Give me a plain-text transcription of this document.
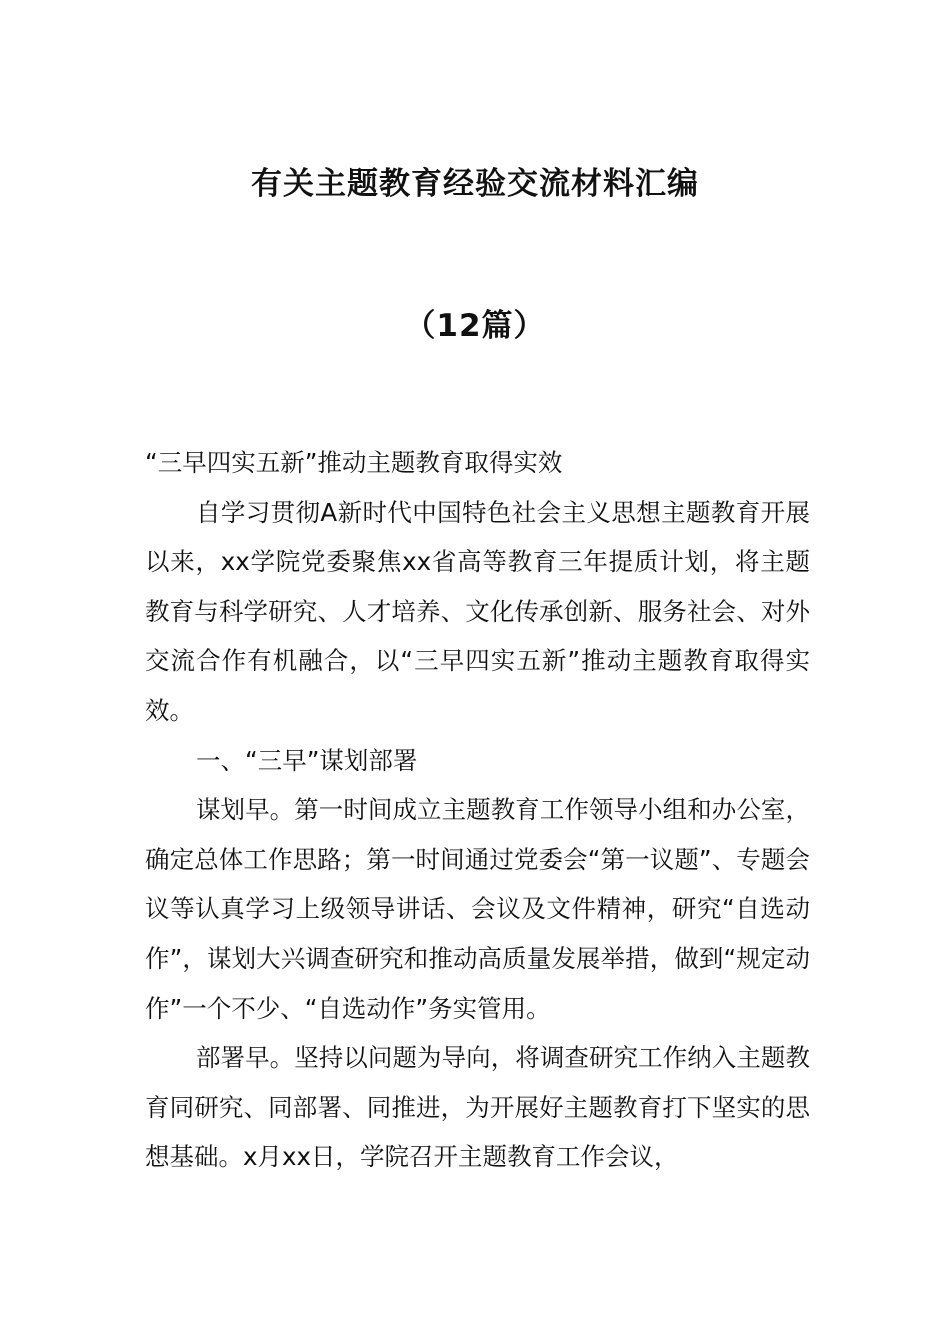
有关主题教育经验交流材料汇编
（12篇）

“三早四实五新”推动主题教育取得实效

自学习贯彻A新时代中国特色社会主义思想主题教育开展以来，xx学院党委聚焦xx省高等教育三年提质计划，将主题教育与科学研究、人才培养、文化传承创新、服务社会、对外交流合作有机融合，以“三早四实五新”推动主题教育取得实效。

一、“三早”谋划部署

谋划早。第一时间成立主题教育工作领导小组和办公室，确定总体工作思路；第一时间通过党委会“第一议题”、专题会议等认真学习上级领导讲话、会议及文件精神，研究“自选动作”，谋划大兴调查研究和推动高质量发展举措，做到“规定动作”一个不少、“自选动作”务实管用。

部署早。坚持以问题为导向，将调查研究工作纳入主题教育同研究、同部署、同推进，为开展好主题教育打下坚实的思想基础。x月xx日，学院召开主题教育工作会议，
